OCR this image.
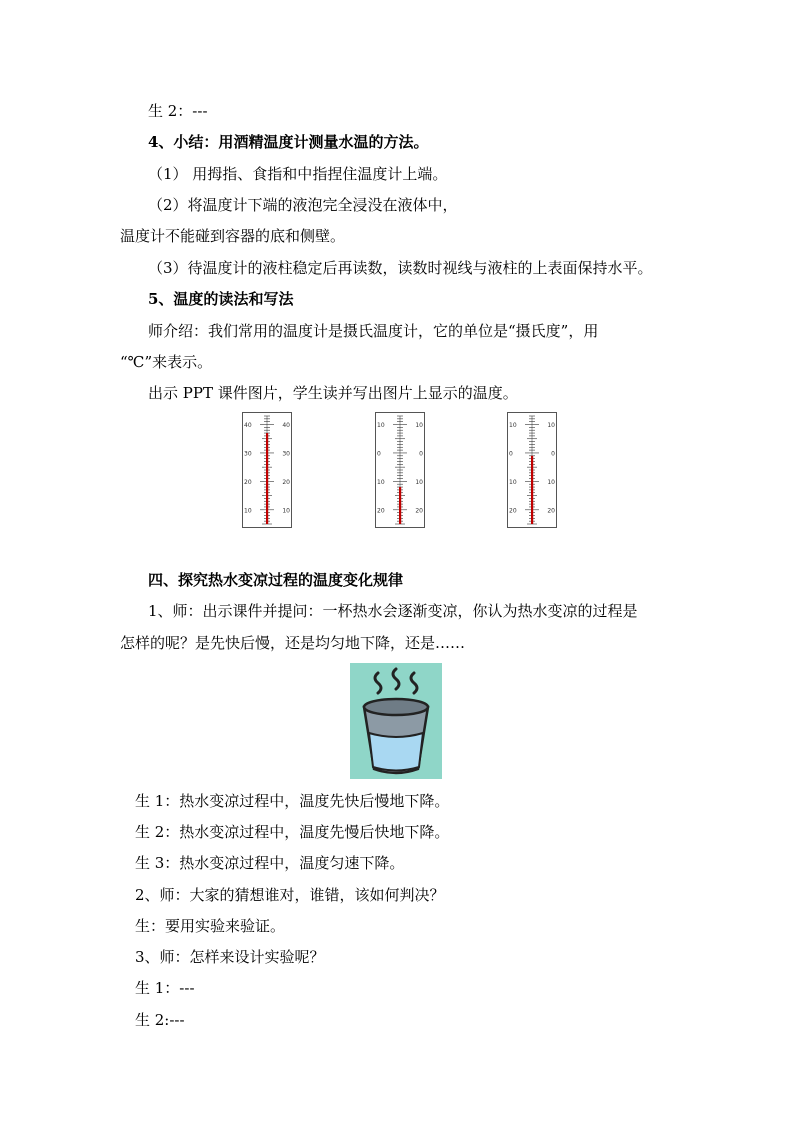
生 2：---
4、小结：用酒精温度计测量水温的方法。
（1） 用拇指、食指和中指捏住温度计上端。
（2）将温度计下端的液泡完全浸没在液体中，
温度计不能碰到容器的底和侧壁。
（3）待温度计的液柱稳定后再读数，读数时视线与液柱的上表面保持水平。
5、温度的读法和写法
师介绍：我们常用的温度计是摄氏温度计，它的单位是“摄氏度”，用
“℃”来表示。
出示 PPT 课件图片，学生读并写出图片上显示的温度。
40	40
30	30
20	20
10	10
10	10
0	0
10	10
20	20
10	10
0	0
10	10
20	20
四、探究热水变凉过程的温度变化规律
1、师：出示课件并提问：一杯热水会逐渐变凉，你认为热水变凉的过程是
怎样的呢？是先快后慢，还是均匀地下降，还是……
生 1：热水变凉过程中，温度先快后慢地下降。
生 2：热水变凉过程中，温度先慢后快地下降。
生 3：热水变凉过程中，温度匀速下降。
2、师：大家的猜想谁对，谁错，该如何判决？
生：要用实验来验证。
3、师：怎样来设计实验呢？
生 1：---
生 2:---
